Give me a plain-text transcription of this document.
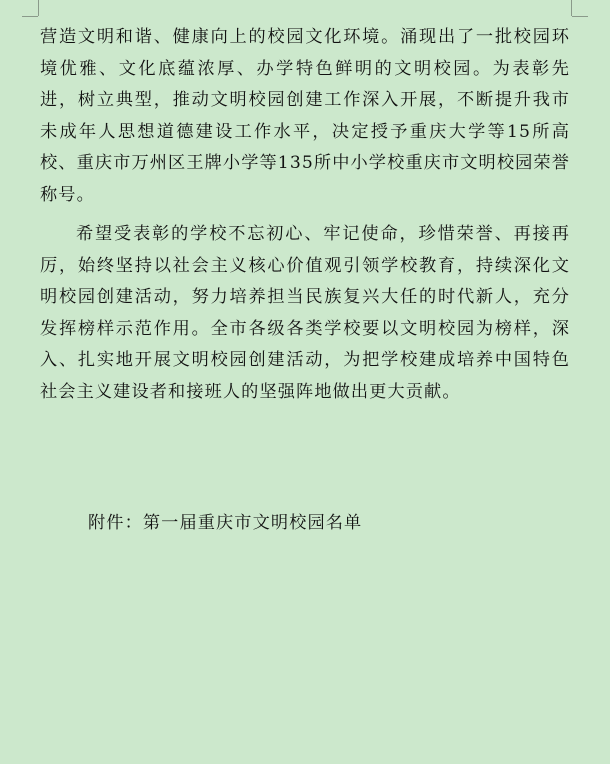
营造文明和谐、健康向上的校园文化环境。涌现出了一批校园环境优雅、文化底蕴浓厚、办学特色鲜明的文明校园。为表彰先进，树立典型，推动文明校园创建工作深入开展，不断提升我市未成年人思想道德建设工作水平，决定授予重庆大学等15所高校、重庆市万州区王牌小学等135所中小学校重庆市文明校园荣誉称号。

希望受表彰的学校不忘初心、牢记使命，珍惜荣誉、再接再厉，始终坚持以社会主义核心价值观引领学校教育，持续深化文明校园创建活动，努力培养担当民族复兴大任的时代新人，充分发挥榜样示范作用。全市各级各类学校要以文明校园为榜样，深入、扎实地开展文明校园创建活动，为把学校建成培养中国特色社会主义建设者和接班人的坚强阵地做出更大贡献。

附件：第一届重庆市文明校园名单
